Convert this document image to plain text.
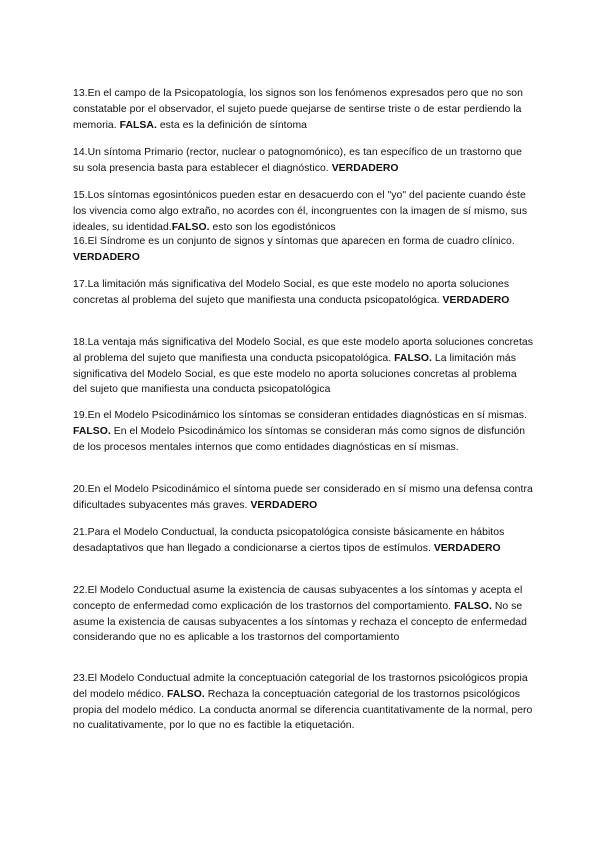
13.En el campo de la Psicopatología, los signos son los fenómenos expresados pero que no son constatable por el observador, el sujeto puede quejarse de sentirse triste o de estar perdiendo la memoria. FALSA. esta es la definición de síntoma

14.Un síntoma Primario (rector, nuclear o patognomónico), es tan específico de un trastorno que su sola presencia basta para establecer el diagnóstico. VERDADERO

15.Los síntomas egosintónicos pueden estar en desacuerdo con el "yo" del paciente cuando éste los vivencia como algo extraño, no acordes con él, incongruentes con la imagen de sí mismo, sus ideales, su identidad.FALSO. esto son los egodistónicos

16.El Síndrome es un conjunto de signos y síntomas que aparecen en forma de cuadro clínico. VERDADERO

17.La limitación más significativa del Modelo Social, es que este modelo no aporta soluciones concretas al problema del sujeto que manifiesta una conducta psicopatológica. VERDADERO

18.La ventaja más significativa del Modelo Social, es que este modelo aporta soluciones concretas al problema del sujeto que manifiesta una conducta psicopatológica. FALSO. La limitación más significativa del Modelo Social, es que este modelo no aporta soluciones concretas al problema del sujeto que manifiesta una conducta psicopatológica

19.En el Modelo Psicodinámico los síntomas se consideran entidades diagnósticas en sí mismas. FALSO. En el Modelo Psicodinámico los síntomas se consideran más como signos de disfunción de los procesos mentales internos que como entidades diagnósticas en sí mismas.

20.En el Modelo Psicodinámico el síntoma puede ser considerado en sí mismo una defensa contra dificultades subyacentes más graves. VERDADERO

21.Para el Modelo Conductual, la conducta psicopatológica consiste básicamente en hábitos desadaptativos que han llegado a condicionarse a ciertos tipos de estímulos. VERDADERO

22.El Modelo Conductual asume la existencia de causas subyacentes a los síntomas y acepta el concepto de enfermedad como explicación de los trastornos del comportamiento. FALSO. No se asume la existencia de causas subyacentes a los síntomas y rechaza el concepto de enfermedad considerando que no es aplicable a los trastornos del comportamiento

23.El Modelo Conductual admite la conceptuación categorial de los trastornos psicológicos propia del modelo médico. FALSO. Rechaza la conceptuación categorial de los trastornos psicológicos propia del modelo médico. La conducta anormal se diferencia cuantitativamente de la normal, pero no cualitativamente, por lo que no es factible la etiquetación.
